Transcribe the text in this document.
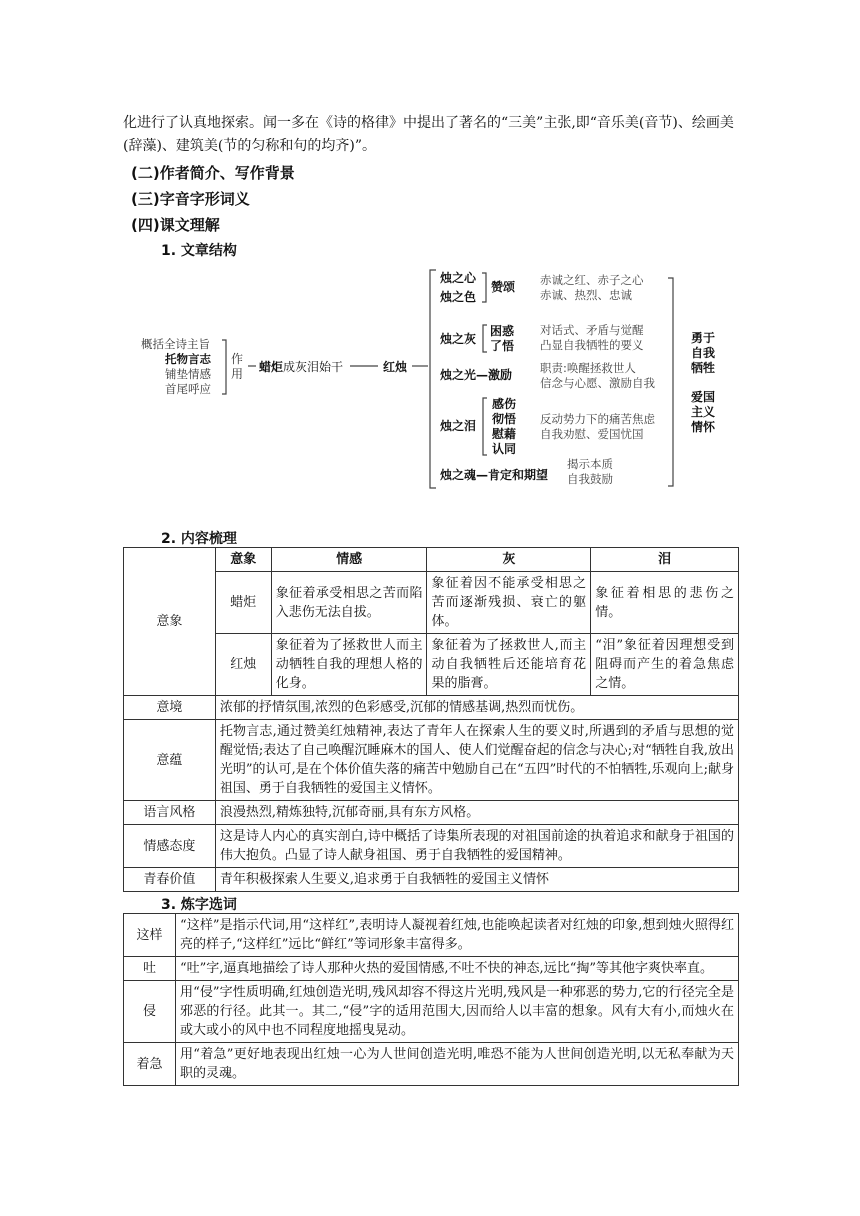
化进行了认真地探索。闻一多在《诗的格律》中提出了著名的“三美”主张,即“音乐美(音节)、绘画美(辞藻)、建筑美(节的匀称和句的均齐)”。
(二)作者简介、写作背景
(三)字音字形词义
(四)课文理解
1. 文章结构
概括全诗主旨
托物言志
铺垫情感
首尾呼应
作
用 蜡炬成灰泪始干	红烛
烛之心
烛之色
赞颂 赤诚之红、赤子之心
赤诚、热烈、忠诚
烛之灰
困惑
了悟
对话式、矛盾与觉醒
凸显自我牺牲的要义
烛之光—激励 职责:唤醒拯救世人
信念与心愿、激励自我
烛之泪
感伤
彻悟
慰藉
认同
反动势力下的痛苦焦虑
自我劝慰、爱国忧国
烛之魂—肯定和期望
揭示本质
自我鼓励
勇于
自我
牺牲
爱国
主义
情怀
2. 内容梳理
意象	意象	情感	灰	泪
	蜡炬	象征着承受相思之苦而陷入悲伤无法自拔。	象征着因不能承受相思之苦而逐渐残损、衰亡的躯体。	象征着相思的悲伤之情。
	红烛	象征着为了拯救世人而主动牺牲自我的理想人格的化身。	象征着为了拯救世人,而主动自我牺牲后还能培育花果的脂膏。	“泪”象征着因理想受到阻碍而产生的着急焦虑之情。
意境	浓郁的抒情氛围,浓烈的色彩感受,沉郁的情感基调,热烈而忧伤。			
意蕴	托物言志,通过赞美红烛精神,表达了青年人在探索人生的要义时,所遇到的矛盾与思想的觉醒觉悟;表达了自己唤醒沉睡麻木的国人、使人们觉醒奋起的信念与决心;对“牺牲自我,放出光明”的认可,是在个体价值失落的痛苦中勉励自己在“五四”时代的不怕牺牲,乐观向上;献身祖国、勇于自我牺牲的爱国主义情怀。			
语言风格	浪漫热烈,精炼独特,沉郁奇丽,具有东方风格。			
情感态度	这是诗人内心的真实剖白,诗中概括了诗集所表现的对祖国前途的执着追求和献身于祖国的伟大抱负。凸显了诗人献身祖国、勇于自我牺牲的爱国精神。			
青春价值	青年积极探索人生要义,追求勇于自我牺牲的爱国主义情怀			
3. 炼字选词
这样	“这样”是指示代词,用“这样红”,表明诗人凝视着红烛,也能唤起读者对红烛的印象,想到烛火照得红亮的样子,“这样红”远比“鲜红”等词形象丰富得多。
吐	“吐”字,逼真地描绘了诗人那种火热的爱国情感,不吐不快的神态,远比“掏”等其他字爽快率直。
侵	用“侵”字性质明确,红烛创造光明,残风却容不得这片光明,残风是一种邪恶的势力,它的行径完全是邪恶的行径。此其一。其二,“侵”字的适用范围大,因而给人以丰富的想象。风有大有小,而烛火在或大或小的风中也不同程度地摇曳晃动。
着急	用“着急”更好地表现出红烛一心为人世间创造光明,唯恐不能为人世间创造光明,以无私奉献为天职的灵魂。
